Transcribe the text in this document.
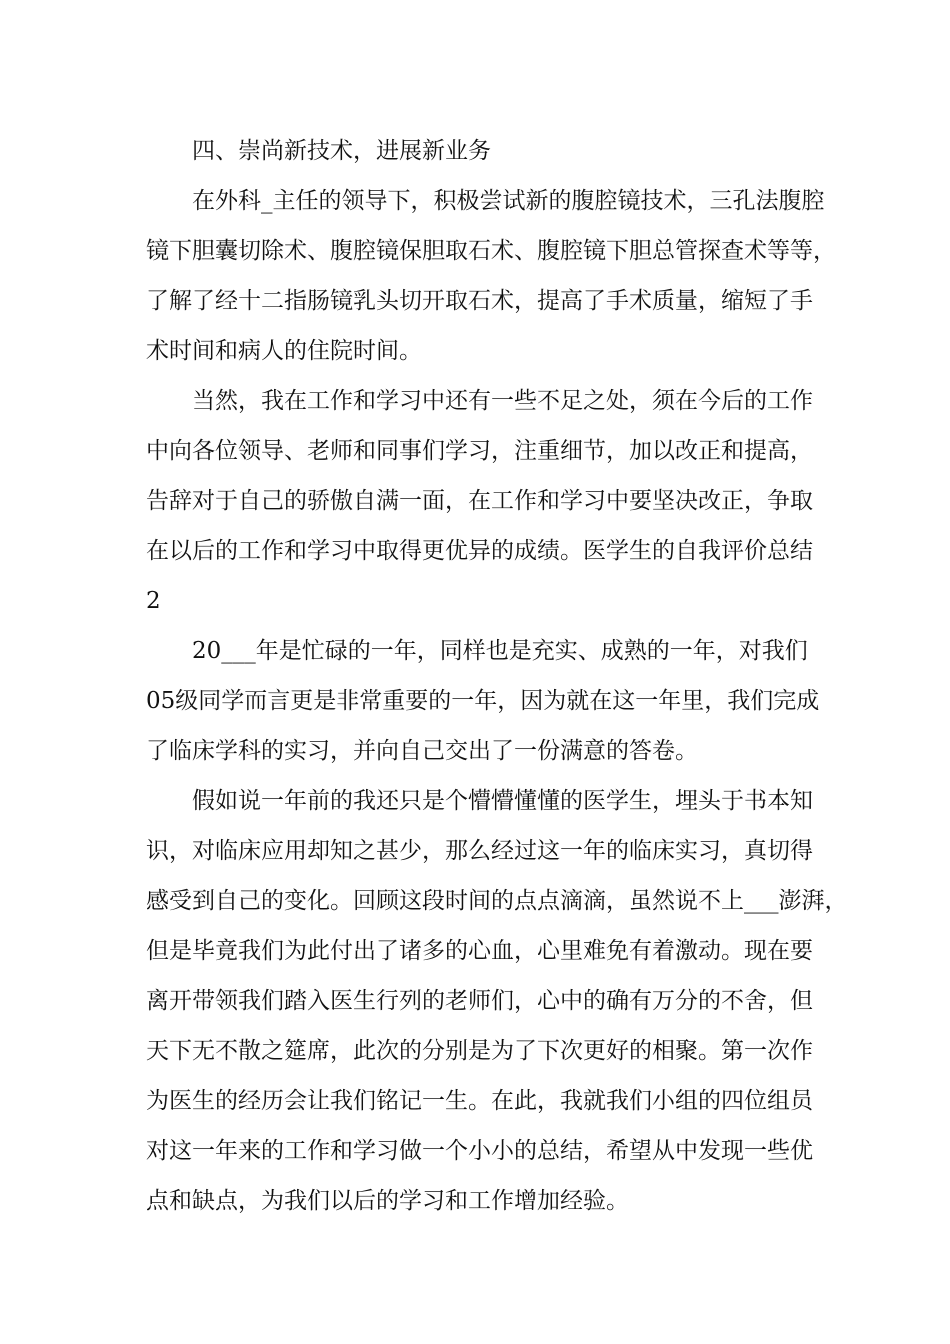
四、崇尚新技术，进展新业务
在外科_主任的领导下，积极尝试新的腹腔镜技术，三孔法腹腔
镜下胆囊切除术、腹腔镜保胆取石术、腹腔镜下胆总管探查术等等，
了解了经十二指肠镜乳头切开取石术，提高了手术质量，缩短了手
术时间和病人的住院时间。
当然，我在工作和学习中还有一些不足之处，须在今后的工作
中向各位领导、老师和同事们学习，注重细节，加以改正和提高，
告辞对于自己的骄傲自满一面，在工作和学习中要坚决改正，争取
在以后的工作和学习中取得更优异的成绩。医学生的自我评价总结
2
20___年是忙碌的一年，同样也是充实、成熟的一年，对我们
05级同学而言更是非常重要的一年，因为就在这一年里，我们完成
了临床学科的实习，并向自己交出了一份满意的答卷。
假如说一年前的我还只是个懵懵懂懂的医学生，埋头于书本知
识，对临床应用却知之甚少，那么经过这一年的临床实习，真切得
感受到自己的变化。回顾这段时间的点点滴滴，虽然说不上___澎湃，
但是毕竟我们为此付出了诸多的心血，心里难免有着激动。现在要
离开带领我们踏入医生行列的老师们，心中的确有万分的不舍，但
天下无不散之筵席，此次的分别是为了下次更好的相聚。第一次作
为医生的经历会让我们铭记一生。在此，我就我们小组的四位组员
对这一年来的工作和学习做一个小小的总结，希望从中发现一些优
点和缺点，为我们以后的学习和工作增加经验。
